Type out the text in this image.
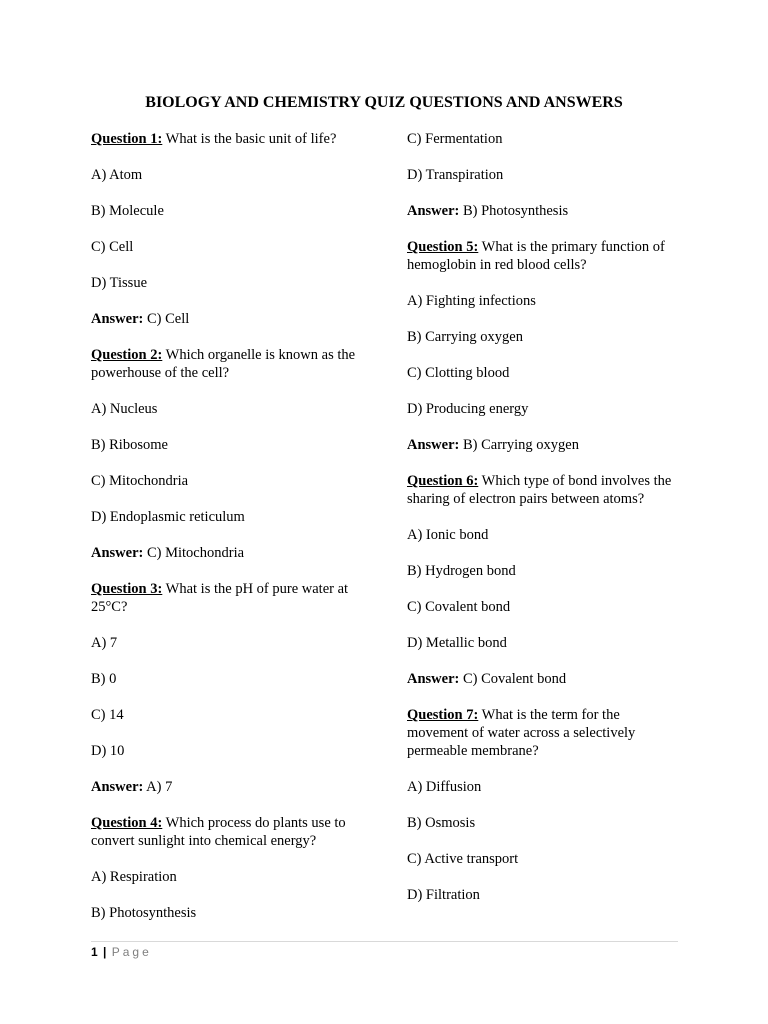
BIOLOGY AND CHEMISTRY QUIZ QUESTIONS AND ANSWERS

Question 1: What is the basic unit of life?

A) Atom

B) Molecule

C) Cell

D) Tissue

Answer: C) Cell

Question 2: Which organelle is known as the powerhouse of the cell?

A) Nucleus

B) Ribosome

C) Mitochondria

D) Endoplasmic reticulum

Answer: C) Mitochondria

Question 3: What is the pH of pure water at 25°C?

A) 7

B) 0

C) 14

D) 10

Answer: A) 7

Question 4: Which process do plants use to convert sunlight into chemical energy?

A) Respiration

B) Photosynthesis

C) Fermentation

D) Transpiration

Answer: B) Photosynthesis

Question 5: What is the primary function of hemoglobin in red blood cells?

A) Fighting infections

B) Carrying oxygen

C) Clotting blood

D) Producing energy

Answer: B) Carrying oxygen

Question 6: Which type of bond involves the sharing of electron pairs between atoms?

A) Ionic bond

B) Hydrogen bond

C) Covalent bond

D) Metallic bond

Answer: C) Covalent bond

Question 7: What is the term for the movement of water across a selectively permeable membrane?

A) Diffusion

B) Osmosis

C) Active transport

D) Filtration

1 | Page
